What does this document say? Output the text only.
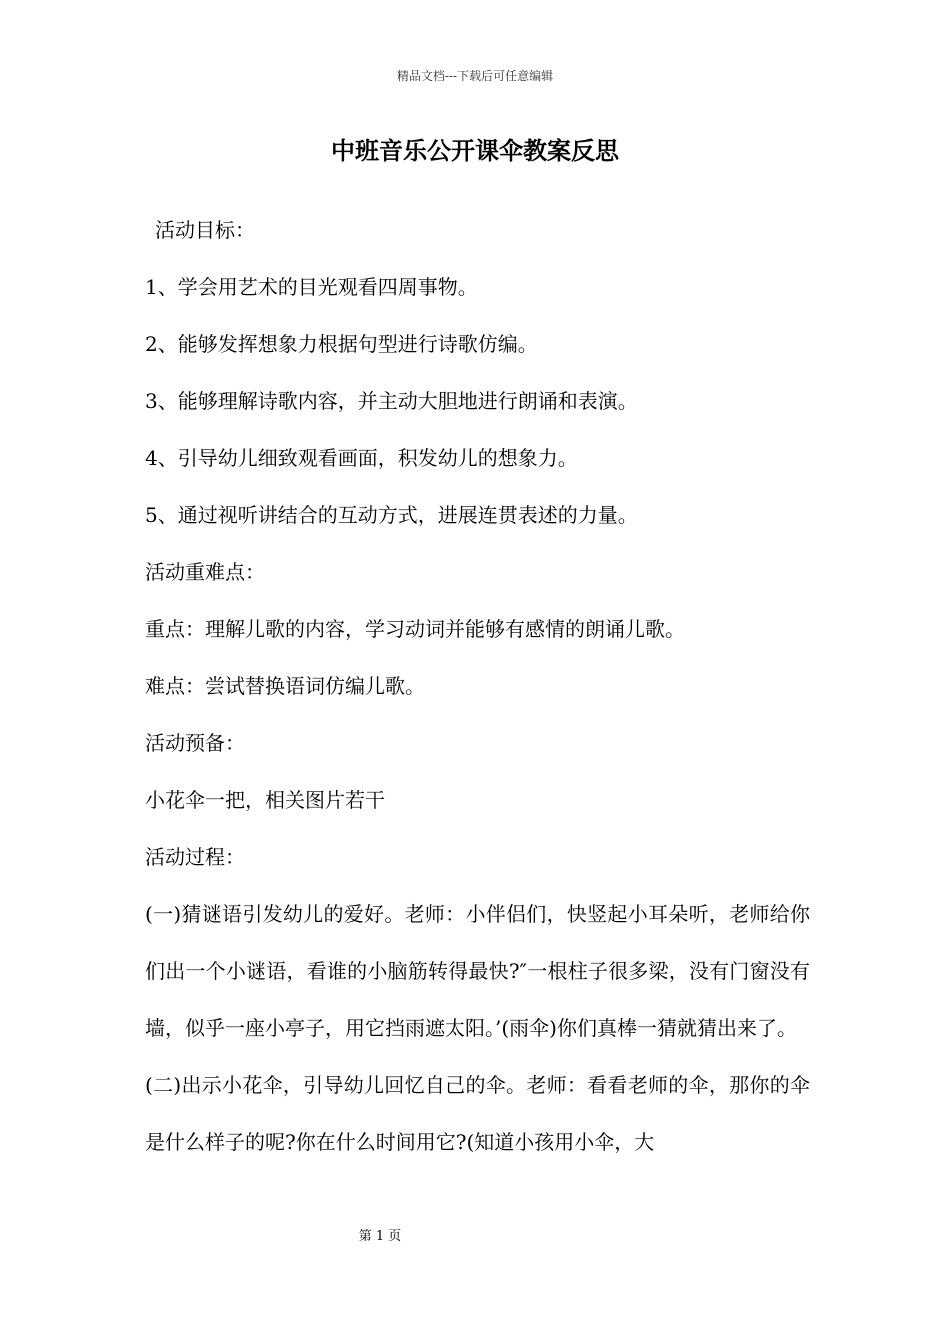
精品文档---下载后可任意编辑
中班音乐公开课伞教案反思

活动目标：

1、学会用艺术的目光观看四周事物。

2、能够发挥想象力根据句型进行诗歌仿编。

3、能够理解诗歌内容，并主动大胆地进行朗诵和表演。

4、引导幼儿细致观看画面，积发幼儿的想象力。

5、通过视听讲结合的互动方式，进展连贯表述的力量。

活动重难点：

重点：理解儿歌的内容，学习动词并能够有感情的朗诵儿歌。

难点：尝试替换语词仿编儿歌。

活动预备：

小花伞一把，相关图片若干

活动过程：

(一)猜谜语引发幼儿的爱好。老师：小伴侣们，快竖起小耳朵听，老师给你们出一个小谜语，看谁的小脑筋转得最快?″一根柱子很多梁，没有门窗没有墙，似乎一座小亭子，用它挡雨遮太阳。’(雨伞)你们真棒一猜就猜出来了。

(二)出示小花伞，引导幼儿回忆自己的伞。老师：看看老师的伞，那你的伞是什么样子的呢?你在什么时间用它?(知道小孩用小伞，大

第 1 页
